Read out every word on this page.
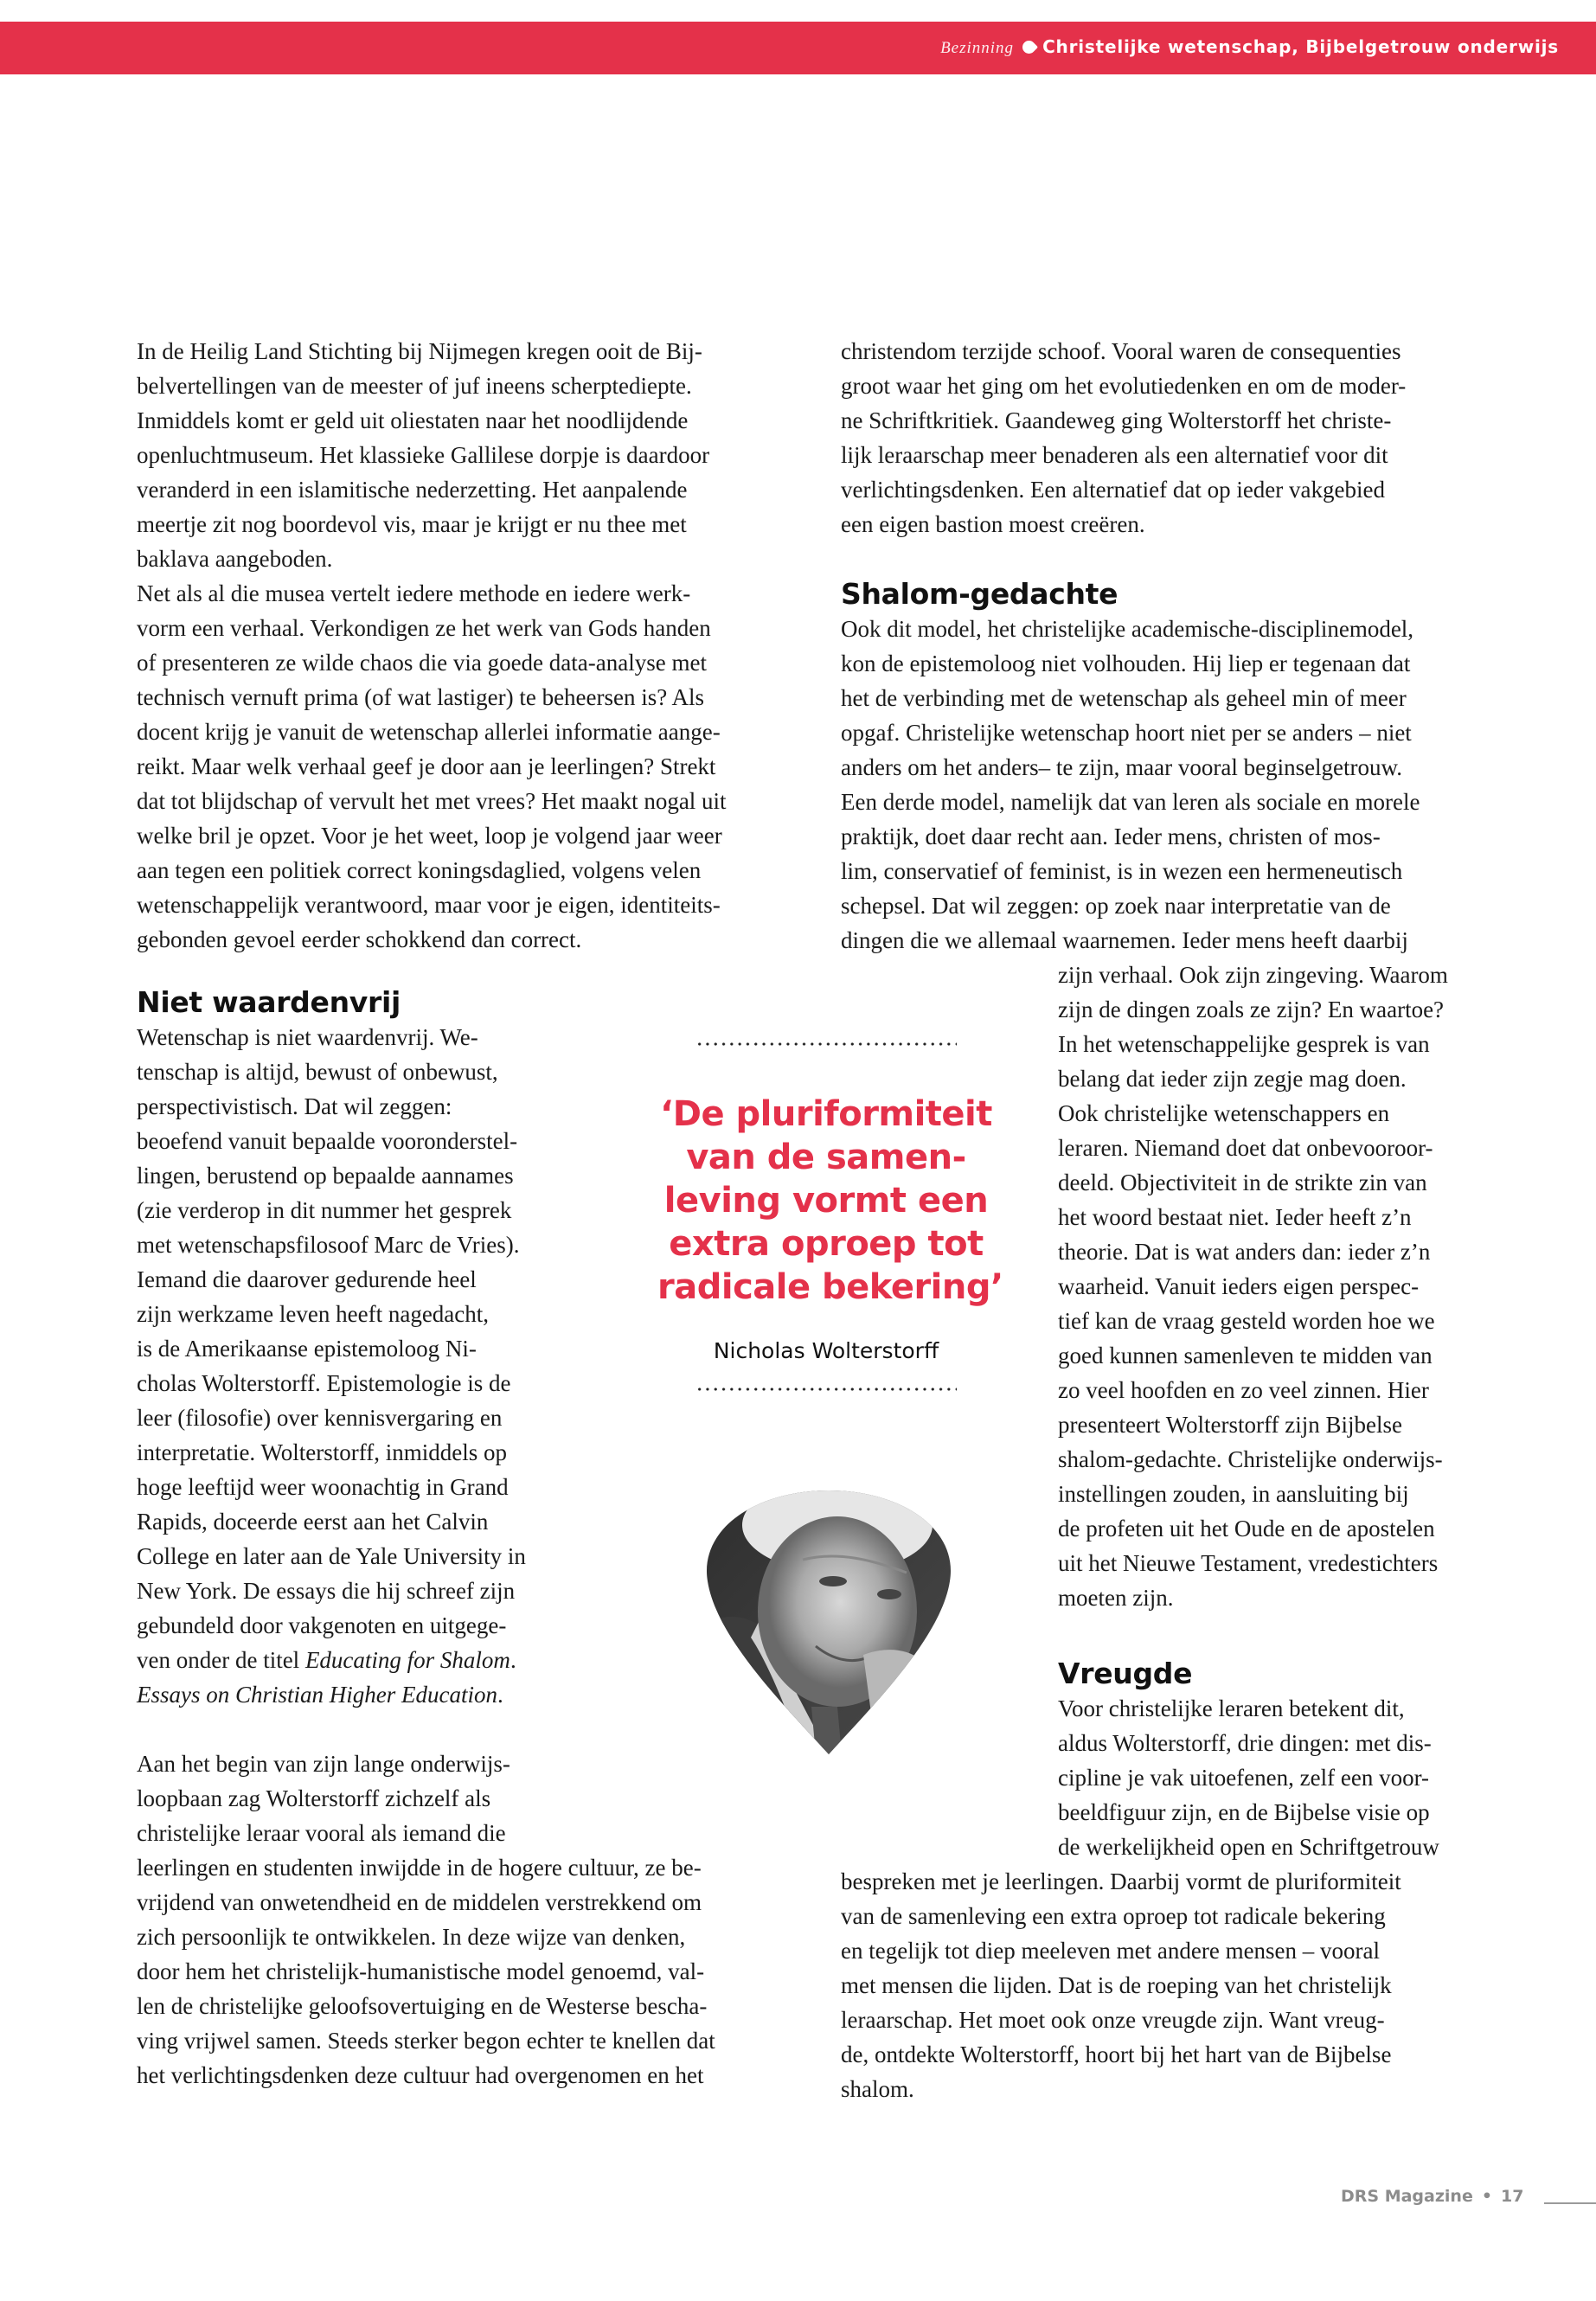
Bezinning Christelijke wetenschap, Bijbelgetrouw onderwijs
In de Heilig Land Stichting bij Nijmegen kregen ooit de Bij-
belvertellingen van de meester of juf ineens scherptediepte.
Inmiddels komt er geld uit oliestaten naar het noodlijdende
openluchtmuseum. Het klassieke Gallilese dorpje is daardoor
veranderd in een islamitische nederzetting. Het aanpalende
meertje zit nog boordevol vis, maar je krijgt er nu thee met
baklava aangeboden.
Net als al die musea vertelt iedere methode en iedere werk-
vorm een verhaal. Verkondigen ze het werk van Gods handen
of presenteren ze wilde chaos die via goede data-analyse met
technisch vernuft prima (of wat lastiger) te beheersen is? Als
docent krijg je vanuit de wetenschap allerlei informatie aange-
reikt. Maar welk verhaal geef je door aan je leerlingen? Strekt
dat tot blijdschap of vervult het met vrees? Het maakt nogal uit
welke bril je opzet. Voor je het weet, loop je volgend jaar weer
aan tegen een politiek correct koningsdaglied, volgens velen
wetenschappelijk verantwoord, maar voor je eigen, identiteits-
gebonden gevoel eerder schokkend dan correct.
Niet waardenvrij
Wetenschap is niet waardenvrij. We-
tenschap is altijd, bewust of onbewust,
perspectivistisch. Dat wil zeggen:
beoefend vanuit bepaalde vooronderstel-
lingen, berustend op bepaalde aannames
(zie verderop in dit nummer het gesprek
met wetenschapsfilosoof Marc de Vries).
Iemand die daarover gedurende heel
zijn werkzame leven heeft nagedacht,
is de Amerikaanse epistemoloog Ni-
cholas Wolterstorff. Epistemologie is de
leer (filosofie) over kennisvergaring en
interpretatie. Wolterstorff, inmiddels op
hoge leeftijd weer woonachtig in Grand
Rapids, doceerde eerst aan het Calvin
College en later aan de Yale University in
New York. De essays die hij schreef zijn
gebundeld door vakgenoten en uitgege-
ven onder de titel Educating for Shalom.
Essays on Christian Higher Education.
Aan het begin van zijn lange onderwijs-
loopbaan zag Wolterstorff zichzelf als
christelijke leraar vooral als iemand die
leerlingen en studenten inwijdde in de hogere cultuur, ze be-
vrijdend van onwetendheid en de middelen verstrekkend om
zich persoonlijk te ontwikkelen. In deze wijze van denken,
door hem het christelijk-humanistische model genoemd, val-
len de christelijke geloofsovertuiging en de Westerse bescha-
ving vrijwel samen. Steeds sterker begon echter te knellen dat
het verlichtingsdenken deze cultuur had overgenomen en het
christendom terzijde schoof. Vooral waren de consequenties
groot waar het ging om het evolutiedenken en om de moder-
ne Schriftkritiek. Gaandeweg ging Wolterstorff het christe-
lijk leraarschap meer benaderen als een alternatief voor dit
verlichtingsdenken. Een alternatief dat op ieder vakgebied
een eigen bastion moest creëren.
Shalom-gedachte
Ook dit model, het christelijke academische-disciplinemodel,
kon de epistemoloog niet volhouden. Hij liep er tegenaan dat
het de verbinding met de wetenschap als geheel min of meer
opgaf. Christelijke wetenschap hoort niet per se anders – niet
anders om het anders– te zijn, maar vooral beginselgetrouw.
Een derde model, namelijk dat van leren als sociale en morele
praktijk, doet daar recht aan. Ieder mens, christen of mos-
lim, conservatief of feminist, is in wezen een hermeneutisch
schepsel. Dat wil zeggen: op zoek naar interpretatie van de
dingen die we allemaal waarnemen. Ieder mens heeft daarbij
zijn verhaal. Ook zijn zingeving. Waarom
zijn de dingen zoals ze zijn? En waartoe?
In het wetenschappelijke gesprek is van
belang dat ieder zijn zegje mag doen.
Ook christelijke wetenschappers en
leraren. Niemand doet dat onbevooroor-
deeld. Objectiviteit in de strikte zin van
het woord bestaat niet. Ieder heeft z’n
theorie. Dat is wat anders dan: ieder z’n
waarheid. Vanuit ieders eigen perspec-
tief kan de vraag gesteld worden hoe we
goed kunnen samenleven te midden van
zo veel hoofden en zo veel zinnen. Hier
presenteert Wolterstorff zijn Bijbelse
shalom-gedachte. Christelijke onderwijs-
instellingen zouden, in aansluiting bij
de profeten uit het Oude en de apostelen
uit het Nieuwe Testament, vredestichters
moeten zijn.
Vreugde
Voor christelijke leraren betekent dit,
aldus Wolterstorff, drie dingen: met dis-
cipline je vak uitoefenen, zelf een voor-
beeldfiguur zijn, en de Bijbelse visie op
de werkelijkheid open en Schriftgetrouw
bespreken met je leerlingen. Daarbij vormt de pluriformiteit
van de samenleving een extra oproep tot radicale bekering
en tegelijk tot diep meeleven met andere mensen – vooral
met mensen die lijden. Dat is de roeping van het christelijk
leraarschap. Het moet ook onze vreugde zijn. Want vreug-
de, ontdekte Wolterstorff, hoort bij het hart van de Bijbelse
shalom.
‘De pluriformiteit
van de samen-
leving vormt een
extra oproep tot
radicale bekering’
Nicholas Wolterstorff
DRS Magazine • 17
